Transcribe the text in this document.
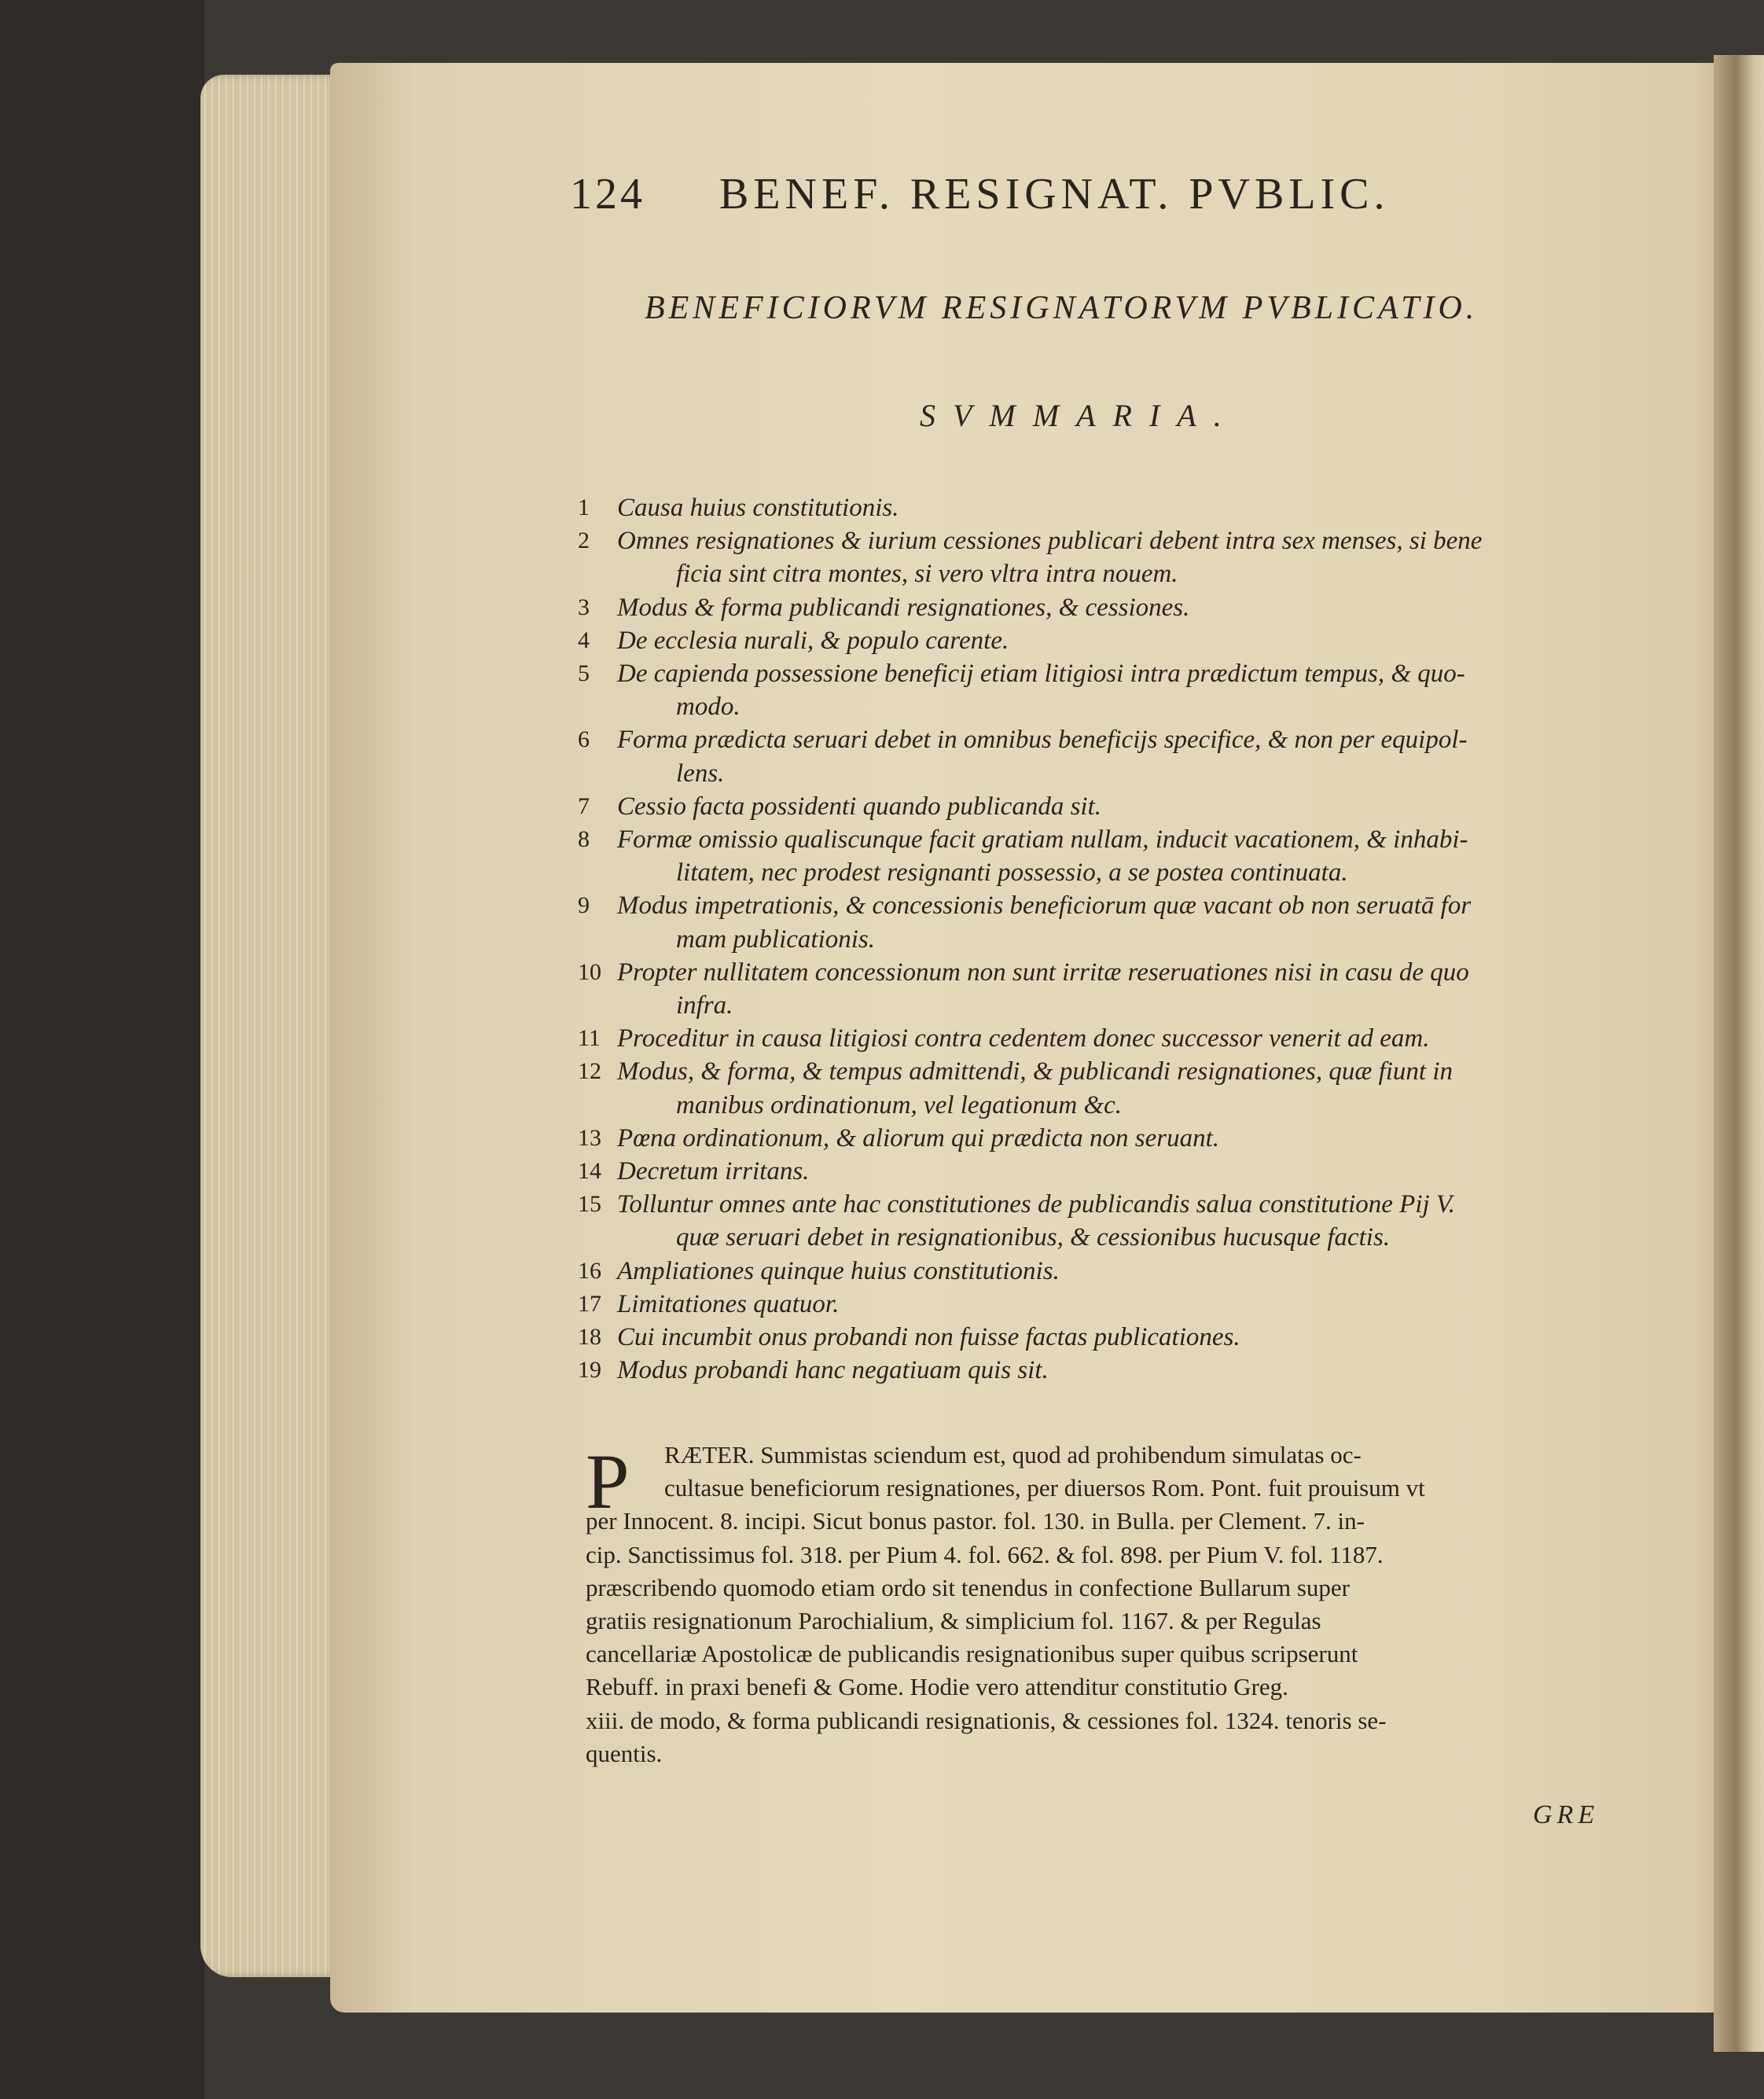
124 BENEF. RESIGNAT. PVBLIC.
BENEFICIORVM RESIGNATORVM PVBLICATIO.
SVMMARIA.
1 Causa huius constitutionis.
2 Omnes resignationes & iurium cessiones publicari debent intra sex menses, si bene
ficia sint citra montes, si vero vltra intra nouem.
3 Modus & forma publicandi resignationes, & cessiones.
4 De ecclesia nurali, & populo carente.
5 De capienda possessione beneficij etiam litigiosi intra prædictum tempus, & quo-
modo.
6 Forma prædicta seruari debet in omnibus beneficijs specifice, & non per equipol-
lens.
7 Cessio facta possidenti quando publicanda sit.
8 Formæ omissio qualiscunque facit gratiam nullam, inducit vacationem, & inhabi-
litatem, nec prodest resignanti possessio, a se postea continuata.
9 Modus impetrationis, & concessionis beneficiorum quæ vacant ob non seruatā for
mam publicationis.
10 Propter nullitatem concessionum non sunt irritæ reseruationes nisi in casu de quo
infra.
11 Proceditur in causa litigiosi contra cedentem donec successor venerit ad eam.
12 Modus, & forma, & tempus admittendi, & publicandi resignationes, quæ fiunt in
manibus ordinationum, vel legationum &c.
13 Pœna ordinationum, & aliorum qui prædicta non seruant.
14 Decretum irritans.
15 Tolluntur omnes ante hac constitutiones de publicandis salua constitutione Pij V.
quæ seruari debet in resignationibus, & cessionibus hucusque factis.
16 Ampliationes quinque huius constitutionis.
17 Limitationes quatuor.
18 Cui incumbit onus probandi non fuisse factas publicationes.
19 Modus probandi hanc negatiuam quis sit.
P	RÆTER. Summistas sciendum est, quod ad prohibendum simulatas oc-
cultasue beneficiorum resignationes, per diuersos Rom. Pont. fuit prouisum vt
per Innocent. 8. incipi. Sicut bonus pastor. fol. 130. in Bulla. per Clement. 7. in-
cip. Sanctissimus fol. 318. per Pium 4. fol. 662. & fol. 898. per Pium V. fol. 1187.
præscribendo quomodo etiam ordo sit tenendus in confectione Bullarum super
gratiis resignationum Parochialium, & simplicium fol. 1167. & per Regulas
cancellariæ Apostolicæ de publicandis resignationibus super quibus scripserunt
Rebuff. in praxi benefi & Gome. Hodie vero attenditur constitutio Greg.
xiii. de modo, & forma publicandi resignationis, & cessiones fol. 1324. tenoris se-
quentis.
GRE
